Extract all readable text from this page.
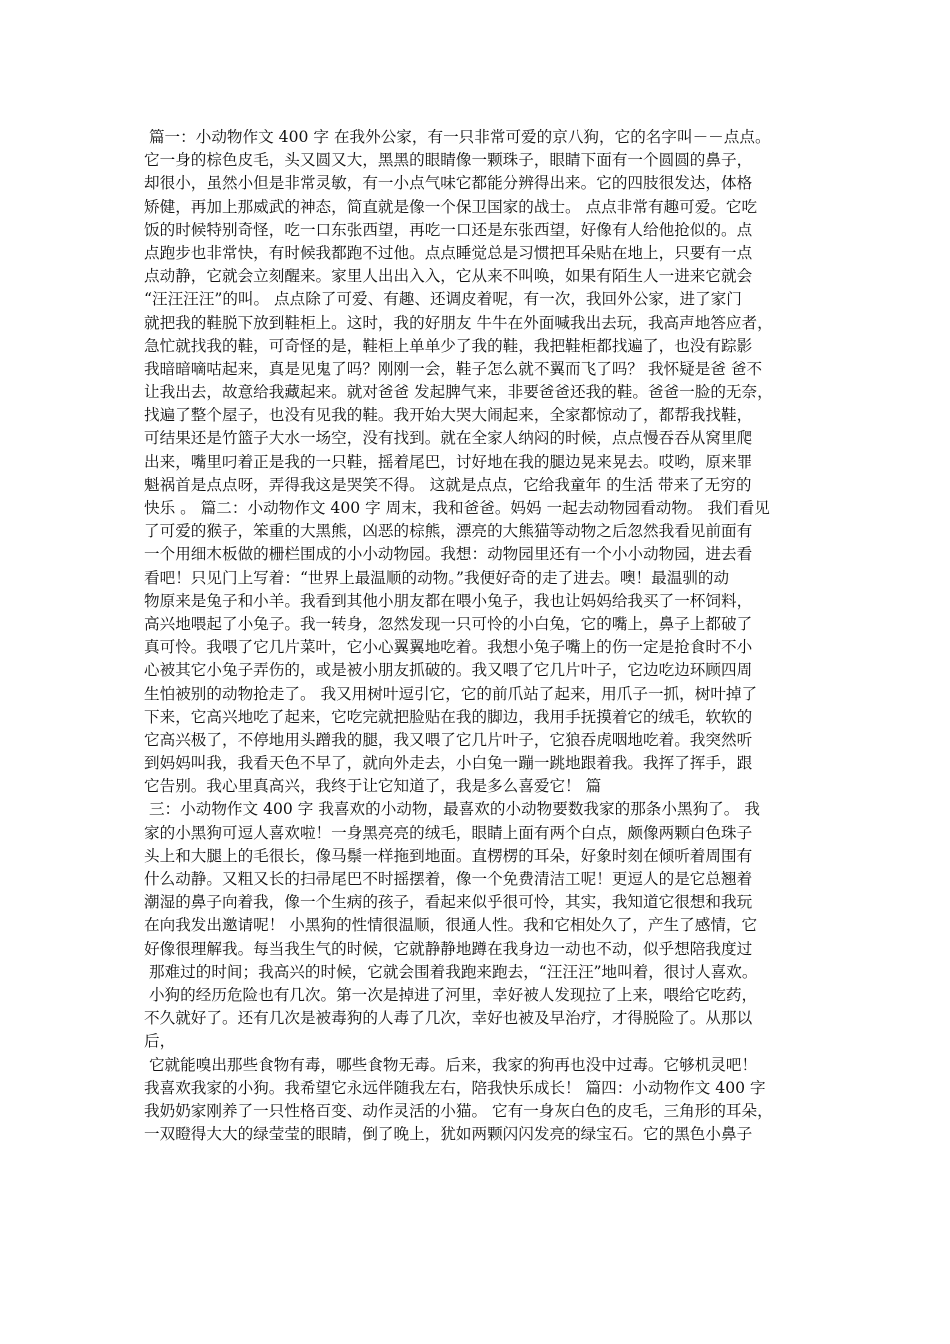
篇一：小动物作文 400 字 在我外公家，有一只非常可爱的京八狗，它的名字叫－－点点。
它一身的棕色皮毛，头又圆又大，黑黑的眼睛像一颗珠子，眼睛下面有一个圆圆的鼻子，
却很小，虽然小但是非常灵敏，有一小点气味它都能分辨得出来。它的四肢很发达，体格
矫健，再加上那威武的神态，简直就是像一个保卫国家的战士。 点点非常有趣可爱。它吃
饭的时候特别奇怪，吃一口东张西望，再吃一口还是东张西望，好像有人给他抢似的。点
点跑步也非常快，有时候我都跑不过他。点点睡觉总是习惯把耳朵贴在地上，只要有一点
点动静，它就会立刻醒来。家里人出出入入，它从来不叫唤，如果有陌生人一进来它就会
“汪汪汪汪”的叫。 点点除了可爱、有趣、还调皮着呢，有一次，我回外公家，进了家门
就把我的鞋脱下放到鞋柜上。这时，我的好朋友 牛牛在外面喊我出去玩，我高声地答应者，
急忙就找我的鞋，可奇怪的是，鞋柜上单单少了我的鞋，我把鞋柜都找遍了，也没有踪影
我暗暗嘀咕起来，真是见鬼了吗？刚刚一会，鞋子怎么就不翼而飞了吗？ 我怀疑是爸 爸不
让我出去，故意给我藏起来。就对爸爸 发起脾气来，非要爸爸还我的鞋。爸爸一脸的无奈，
找遍了整个屋子，也没有见我的鞋。我开始大哭大闹起来，全家都惊动了，都帮我找鞋，
可结果还是竹篮子大水一场空，没有找到。就在全家人纳闷的时候，点点慢吞吞从窝里爬
出来，嘴里叼着正是我的一只鞋，摇着尾巴，讨好地在我的腿边晃来晃去。哎哟，原来罪
魁祸首是点点呀，弄得我这是哭笑不得。 这就是点点，它给我童年 的生活 带来了无穷的
快乐 。 篇二：小动物作文 400 字 周末，我和爸爸。妈妈 一起去动物园看动物。 我们看见
了可爱的猴子，笨重的大黑熊，凶恶的棕熊，漂亮的大熊猫等动物之后忽然我看见前面有
一个用细木板做的栅栏围成的小小动物园。我想：动物园里还有一个小小动物园，进去看
看吧！只见门上写着：“世界上最温顺的动物。”我便好奇的走了进去。噢！最温驯的动
物原来是兔子和小羊。我看到其他小朋友都在喂小兔子，我也让妈妈给我买了一杯饲料，
高兴地喂起了小兔子。我一转身，忽然发现一只可怜的小白兔，它的嘴上，鼻子上都破了
真可怜。我喂了它几片菜叶，它小心翼翼地吃着。我想小兔子嘴上的伤一定是抢食时不小
心被其它小兔子弄伤的，或是被小朋友抓破的。我又喂了它几片叶子，它边吃边环顾四周
生怕被别的动物抢走了。 我又用树叶逗引它，它的前爪站了起来，用爪子一抓，树叶掉了
下来，它高兴地吃了起来，它吃完就把脸贴在我的脚边，我用手抚摸着它的绒毛，软软的
它高兴极了，不停地用头蹭我的腿，我又喂了它几片叶子，它狼吞虎咽地吃着。我突然听
到妈妈叫我，我看天色不早了，就向外走去，小白兔一蹦一跳地跟着我。我挥了挥手，跟
它告别。我心里真高兴，我终于让它知道了，我是多么喜爱它！ 篇
三：小动物作文 400 字 我喜欢的小动物，最喜欢的小动物要数我家的那条小黑狗了。 我
家的小黑狗可逗人喜欢啦！一身黑亮亮的绒毛，眼睛上面有两个白点，颇像两颗白色珠子
头上和大腿上的毛很长，像马鬃一样拖到地面。直楞楞的耳朵，好象时刻在倾听着周围有
什么动静。又粗又长的扫帚尾巴不时摇摆着，像一个免费清洁工呢！更逗人的是它总翘着
潮湿的鼻子向着我，像一个生病的孩子，看起来似乎很可怜，其实，我知道它很想和我玩
在向我发出邀请呢！ 小黑狗的性情很温顺，很通人性。我和它相处久了，产生了感情，它
好像很理解我。每当我生气的时候，它就静静地蹲在我身边一动也不动，似乎想陪我度过
那难过的时间；我高兴的时候，它就会围着我跑来跑去，“汪汪汪”地叫着，很讨人喜欢。
小狗的经历危险也有几次。第一次是掉进了河里，幸好被人发现拉了上来，喂给它吃药，
不久就好了。还有几次是被毒狗的人毒了几次，幸好也被及早治疗，才得脱险了。从那以
后，
它就能嗅出那些食物有毒，哪些食物无毒。后来，我家的狗再也没中过毒。它够机灵吧！
我喜欢我家的小狗。我希望它永远伴随我左右，陪我快乐成长！ 篇四：小动物作文 400 字
我奶奶家刚养了一只性格百变、动作灵活的小猫。 它有一身灰白色的皮毛，三角形的耳朵，
一双瞪得大大的绿莹莹的眼睛，倒了晚上，犹如两颗闪闪发亮的绿宝石。它的黑色小鼻子
